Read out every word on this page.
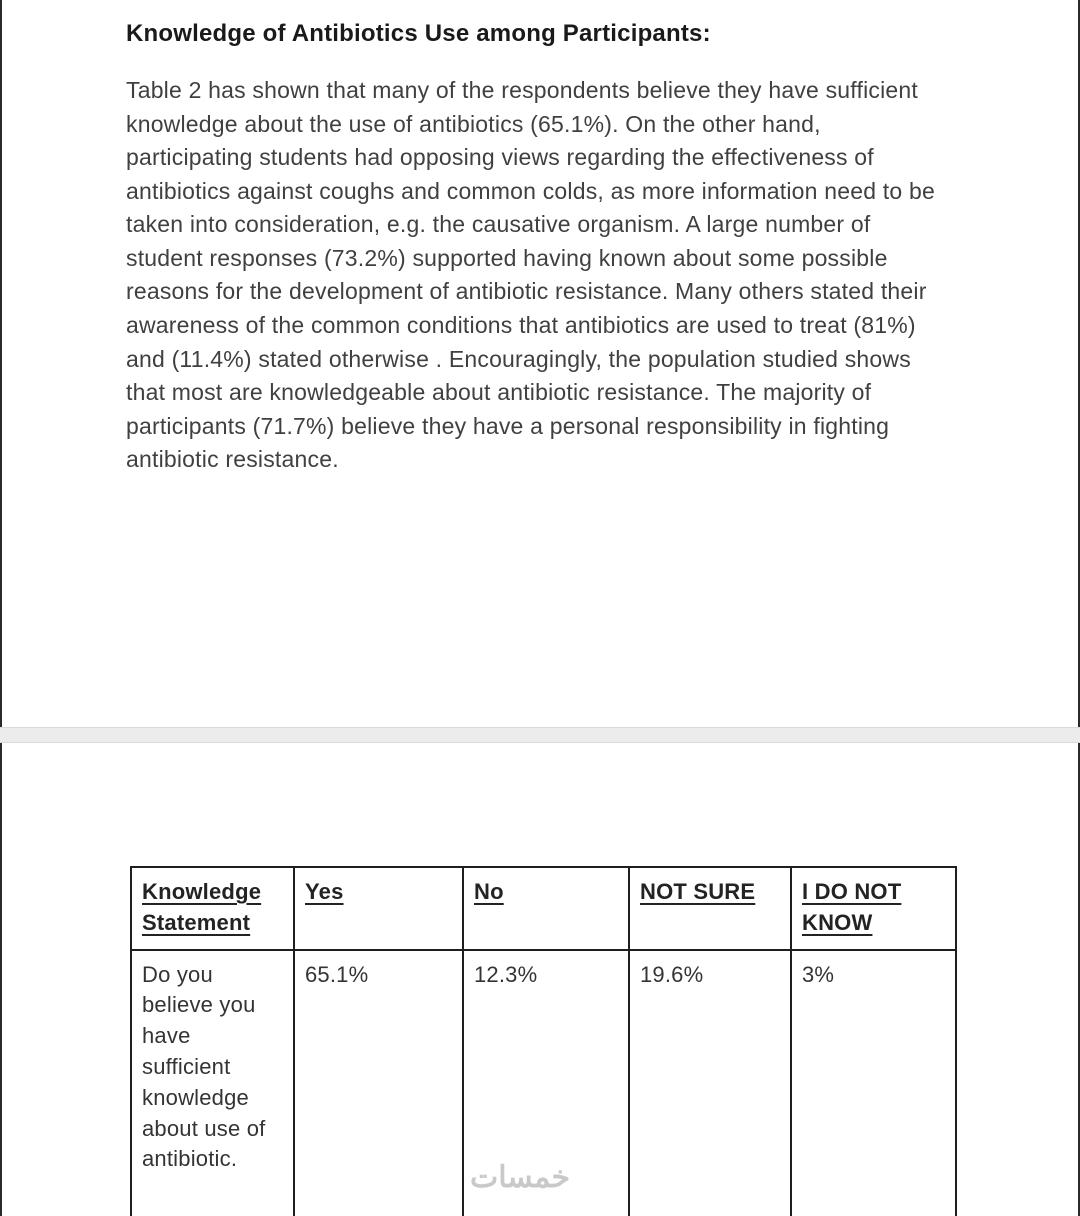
Knowledge of Antibiotics Use among Participants:

Table 2 has shown that many of the respondents believe they have sufficient knowledge about the use of antibiotics (65.1%). On the other hand, participating students had opposing views regarding the effectiveness of antibiotics against coughs and common colds, as more information need to be taken into consideration, e.g. the causative organism. A large number of student responses (73.2%) supported having known about some possible reasons for the development of antibiotic resistance. Many others stated their awareness of the common conditions that antibiotics are used to treat (81%) and (11.4%) stated otherwise . Encouragingly, the population studied shows that most are knowledgeable about antibiotic resistance. The majority of participants (71.7%) believe they have a personal responsibility in fighting antibiotic resistance.

Knowledge Statement	Yes	No	NOT SURE	I DO NOT KNOW
Do you believe you have sufficient knowledge about use of antibiotic.	65.1%	12.3%	19.6%	3%
خمسات
